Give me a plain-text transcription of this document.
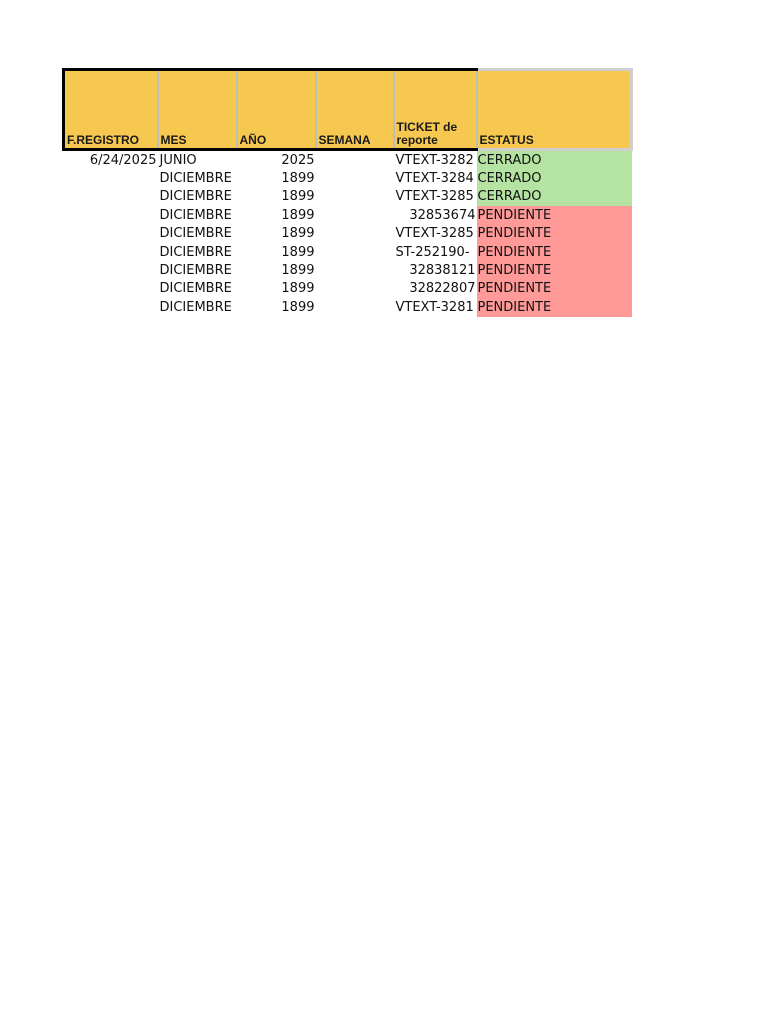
F.REGISTRO	MES	AÑO	SEMANA	TICKET de reporte	ESTATUS
6/24/2025	JUNIO	2025		VTEXT-3282	CERRADO
	DICIEMBRE	1899		VTEXT-3284	CERRADO
	DICIEMBRE	1899		VTEXT-3285	CERRADO
	DICIEMBRE	1899		32853674	PENDIENTE
	DICIEMBRE	1899		VTEXT-3285	PENDIENTE
	DICIEMBRE	1899		ST-252190-	PENDIENTE
	DICIEMBRE	1899		32838121	PENDIENTE
	DICIEMBRE	1899		32822807	PENDIENTE
	DICIEMBRE	1899		VTEXT-3281	PENDIENTE
